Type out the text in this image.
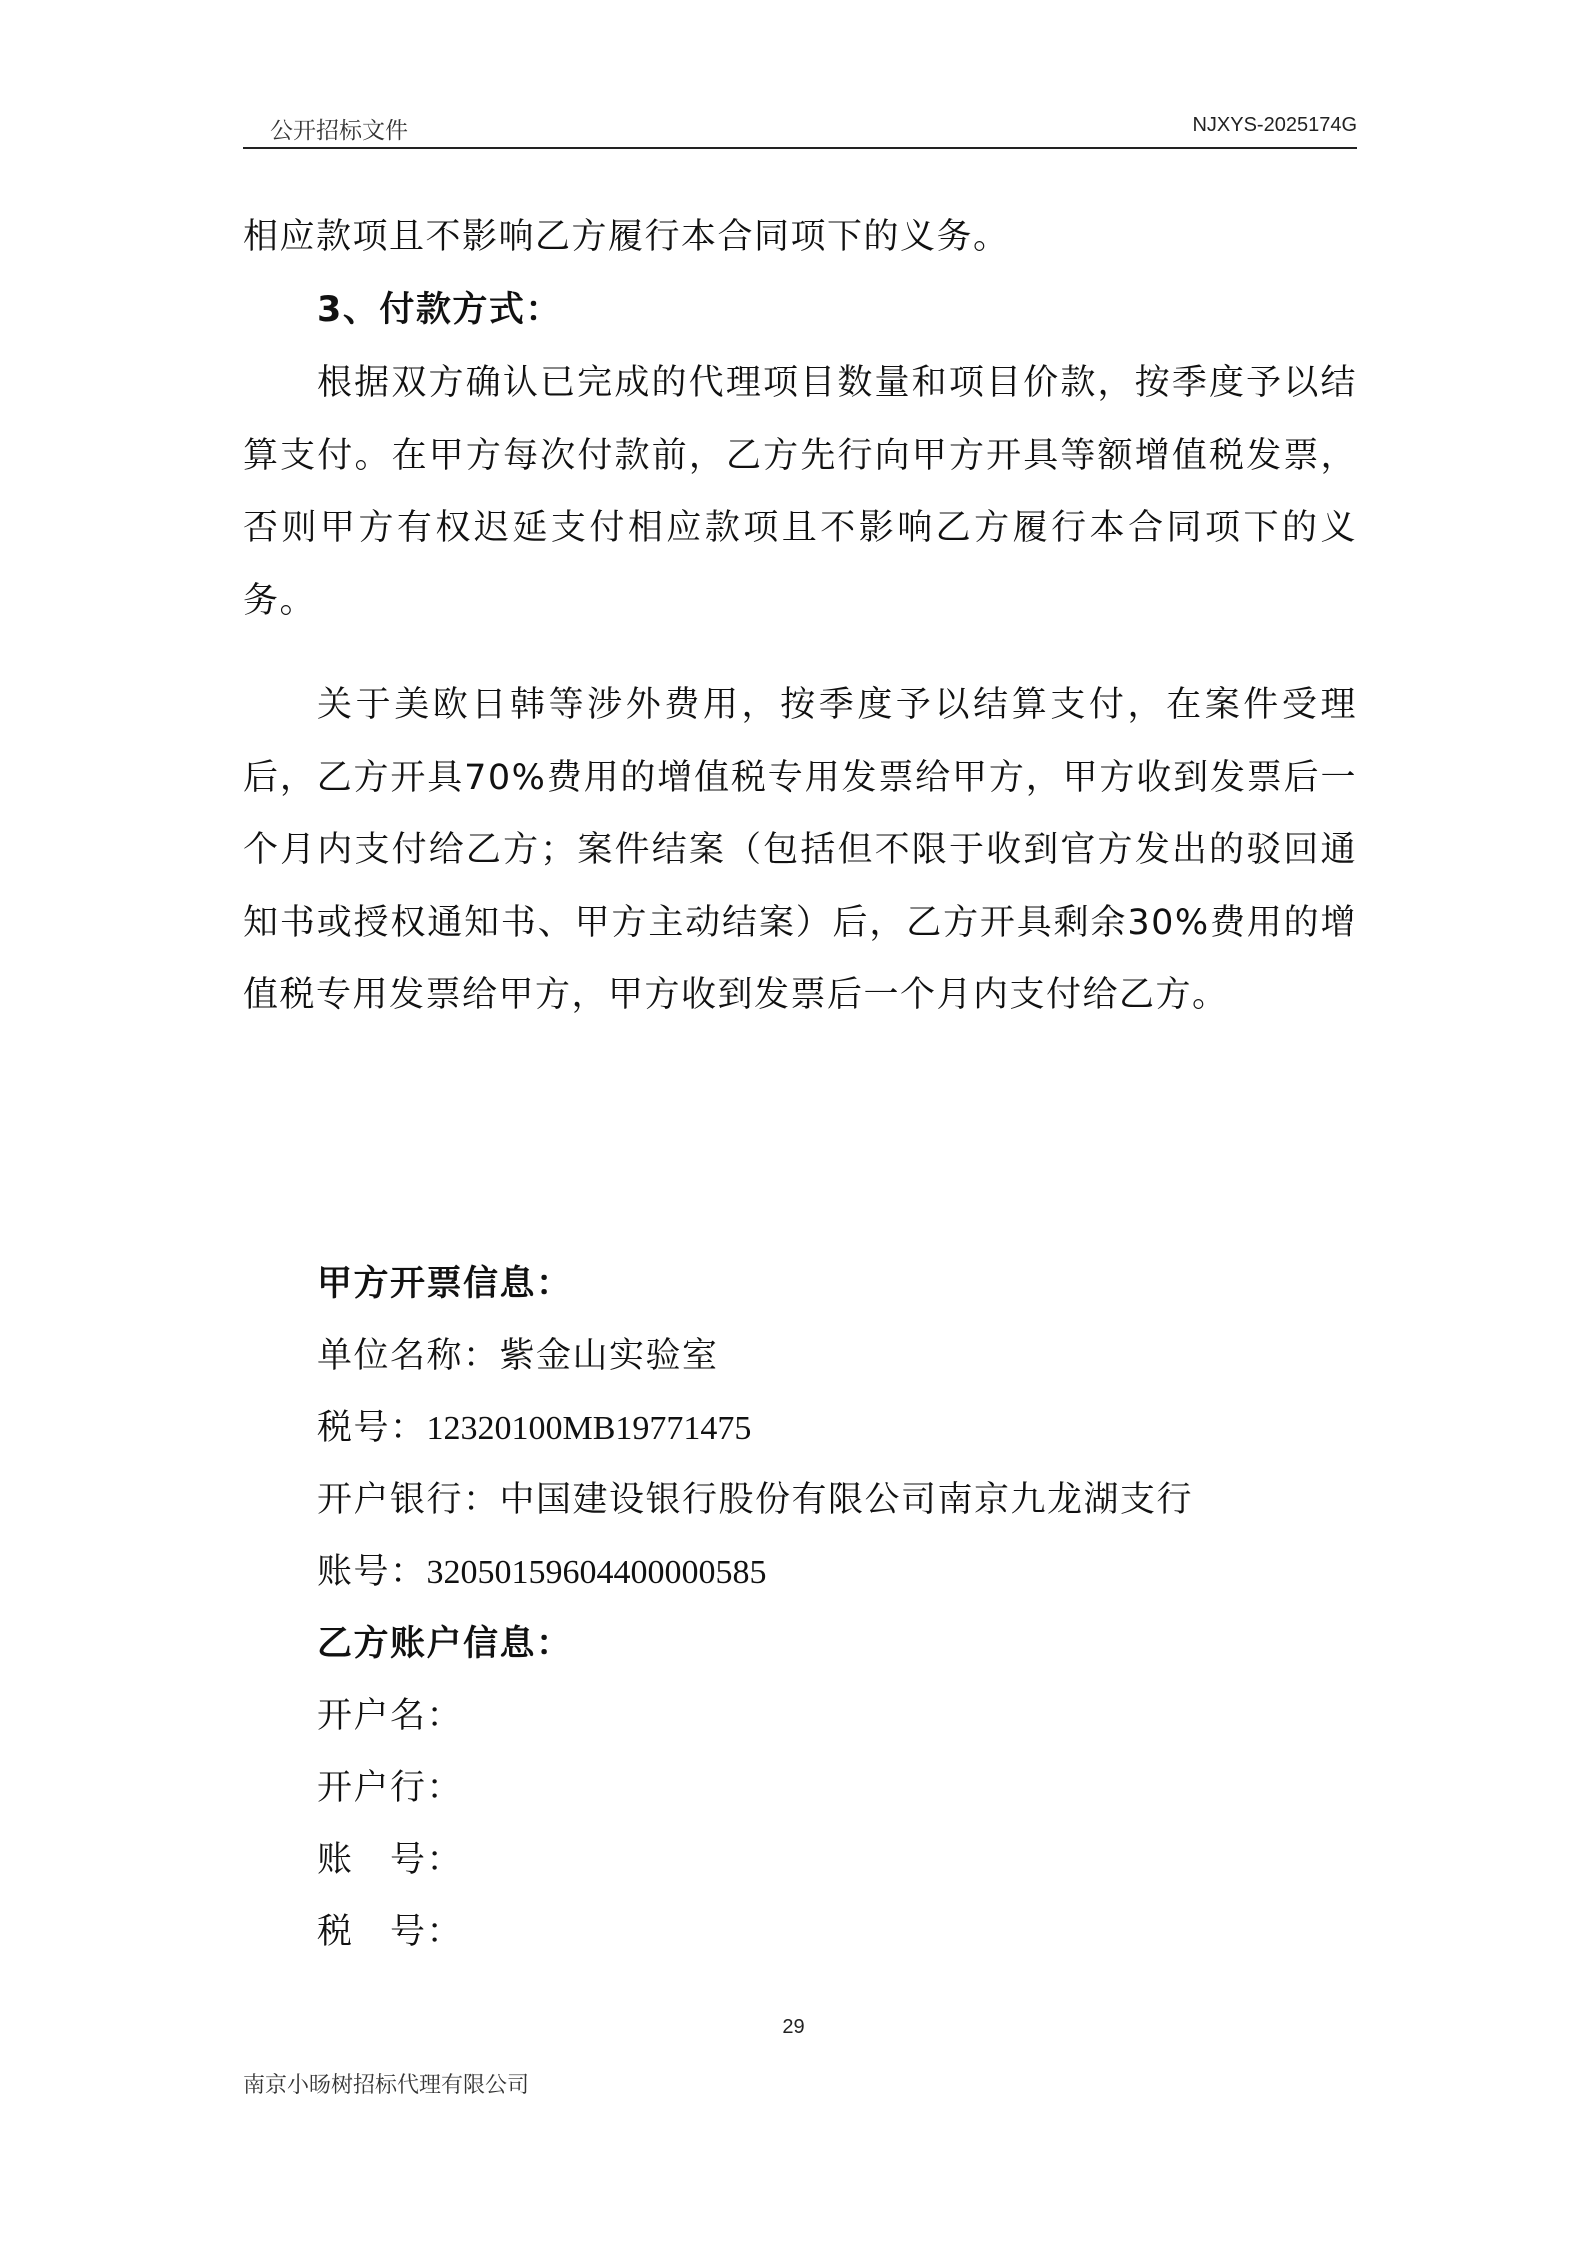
公开招标文件	NJXYS-2025174G

相应款项且不影响乙方履行本合同项下的义务。

3、付款方式：

根据双方确认已完成的代理项目数量和项目价款，按季度予以结算支付。在甲方每次付款前，乙方先行向甲方开具等额增值税发票，否则甲方有权迟延支付相应款项且不影响乙方履行本合同项下的义务。

关于美欧日韩等涉外费用，按季度予以结算支付，在案件受理后，乙方开具70%费用的增值税专用发票给甲方，甲方收到发票后一个月内支付给乙方；案件结案（包括但不限于收到官方发出的驳回通知书或授权通知书、甲方主动结案）后，乙方开具剩余30%费用的增值税专用发票给甲方，甲方收到发票后一个月内支付给乙方。

甲方开票信息：

单位名称：紫金山实验室

税号：12320100MB19771475

开户银行：中国建设银行股份有限公司南京九龙湖支行

账号：32050159604400000585

乙方账户信息：

开户名：

开户行：

账号：

税号：

29
南京小旸树招标代理有限公司
